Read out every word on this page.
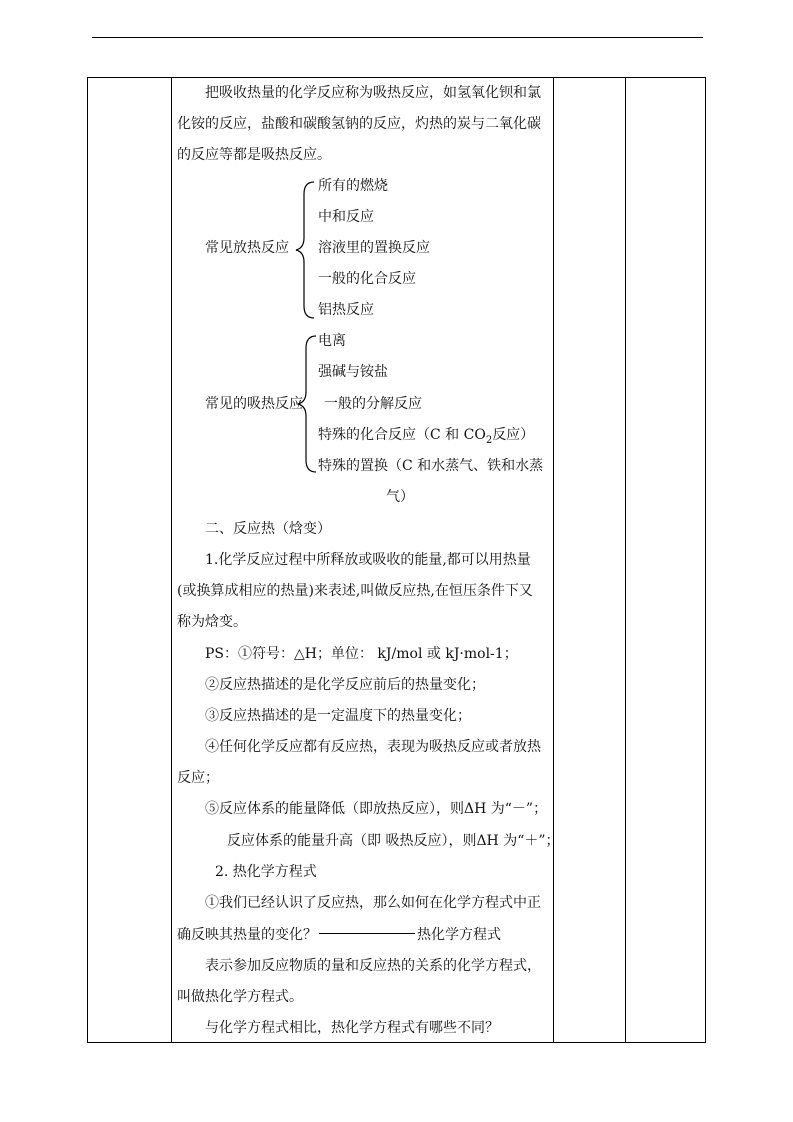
把吸收热量的化学反应称为吸热反应，如氢氧化钡和氯

化铵的反应，盐酸和碳酸氢钠的反应，灼热的炭与二氧化碳

的反应等都是吸热反应。

常见放热反应

所有的燃烧

中和反应

溶液里的置换反应

一般的化合反应

铝热反应

常见的吸热反应

电离

强碱与铵盐

一般的分解反应

特殊的化合反应（C 和 $CO_2$反应）

特殊的置换（C 和水蒸气、铁和水蒸

气）

二、反应热（焓变）

1.化学反应过程中所释放或吸收的能量,都可以用热量

(或换算成相应的热量)来表述,叫做反应热,在恒压条件下又

称为焓变。

PS：①符号：△H；单位： kJ/mol 或 kJ·mol-1；

②反应热描述的是化学反应前后的热量变化；

③反应热描述的是一定温度下的热量变化；

④任何化学反应都有反应热，表现为吸热反应或者放热

反应；

⑤反应体系的能量降低（即放热反应），则ΔH 为“－”；

反应体系的能量升高（即 吸热反应），则ΔH 为“＋”；

2. 热化学方程式

①我们已经认识了反应热，那么如何在化学方程式中正

确反映其热量的变化？	热化学方程式

表示参加反应物质的量和反应热的关系的化学方程式，

叫做热化学方程式。

与化学方程式相比，热化学方程式有哪些不同？
